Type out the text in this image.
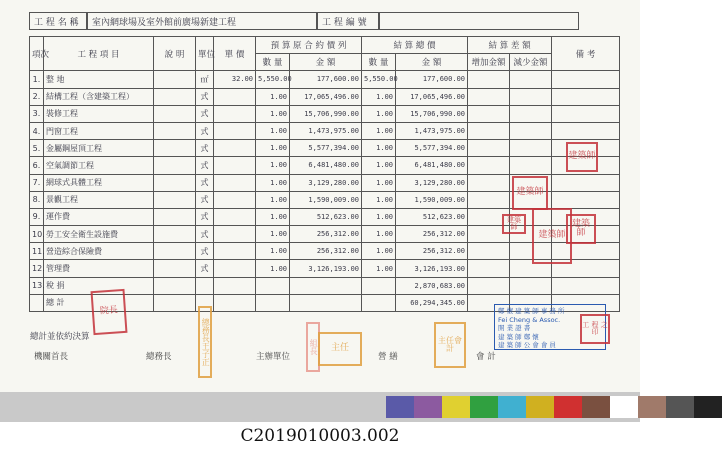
工 程 名 稱	室內網球場及室外館前廣場新建工程	工 程 編 號
項次	工 程 項 目	說 明	單位	單 價	預 算 原 合 約 價 列		結 算 總 價		結 算 差 額		備 考
					數 量	金 額	數 量	金 額	增加金額	減少金額	
1.	整 地		㎡	32.00	5,550.00	177,600.00	5,550.00	177,600.00			
2.	結構工程（含建築工程）		式		1.00	17,065,496.00	1.00	17,065,496.00			
3.	裝修工程		式		1.00	15,706,990.00	1.00	15,706,990.00			
4.	門窗工程		式		1.00	1,473,975.00	1.00	1,473,975.00			
5.	金屬鋼屋頂工程		式		1.00	5,577,394.00	1.00	5,577,394.00			
6.	空氣調節工程		式		1.00	6,481,480.00	1.00	6,481,480.00			
7.	網球式具體工程		式		1.00	3,129,280.00	1.00	3,129,280.00			
8.	景觀工程		式		1.00	1,590,009.00	1.00	1,590,009.00			
9.	運作費		式		1.00	512,623.00	1.00	512,623.00			
10.	勞工安全衛生設施費		式		1.00	256,312.00	1.00	256,312.00			
11.	營造綜合保險費		式		1.00	256,312.00	1.00	256,312.00			
12.	管理費		式		1.00	3,126,193.00	1.00	3,126,193.00			
13.	稅 捐							2,870,683.00			
	總 計							60,294,345.00			
總計並依約決算
院長
總務長王子正	組長	主任
主任會計
建築師
建築師
建築師
建築師
建築師
鄭 懷 建 築 師 事 務 所
Fei Cheng & Assoc.
開 業 證 書
建 築 師 鄭 懷
建 築 師 公 會 會 員
工 程 之 印
機關首長	總務長	主辦單位	營 繕	會 計
C2019010003.002
